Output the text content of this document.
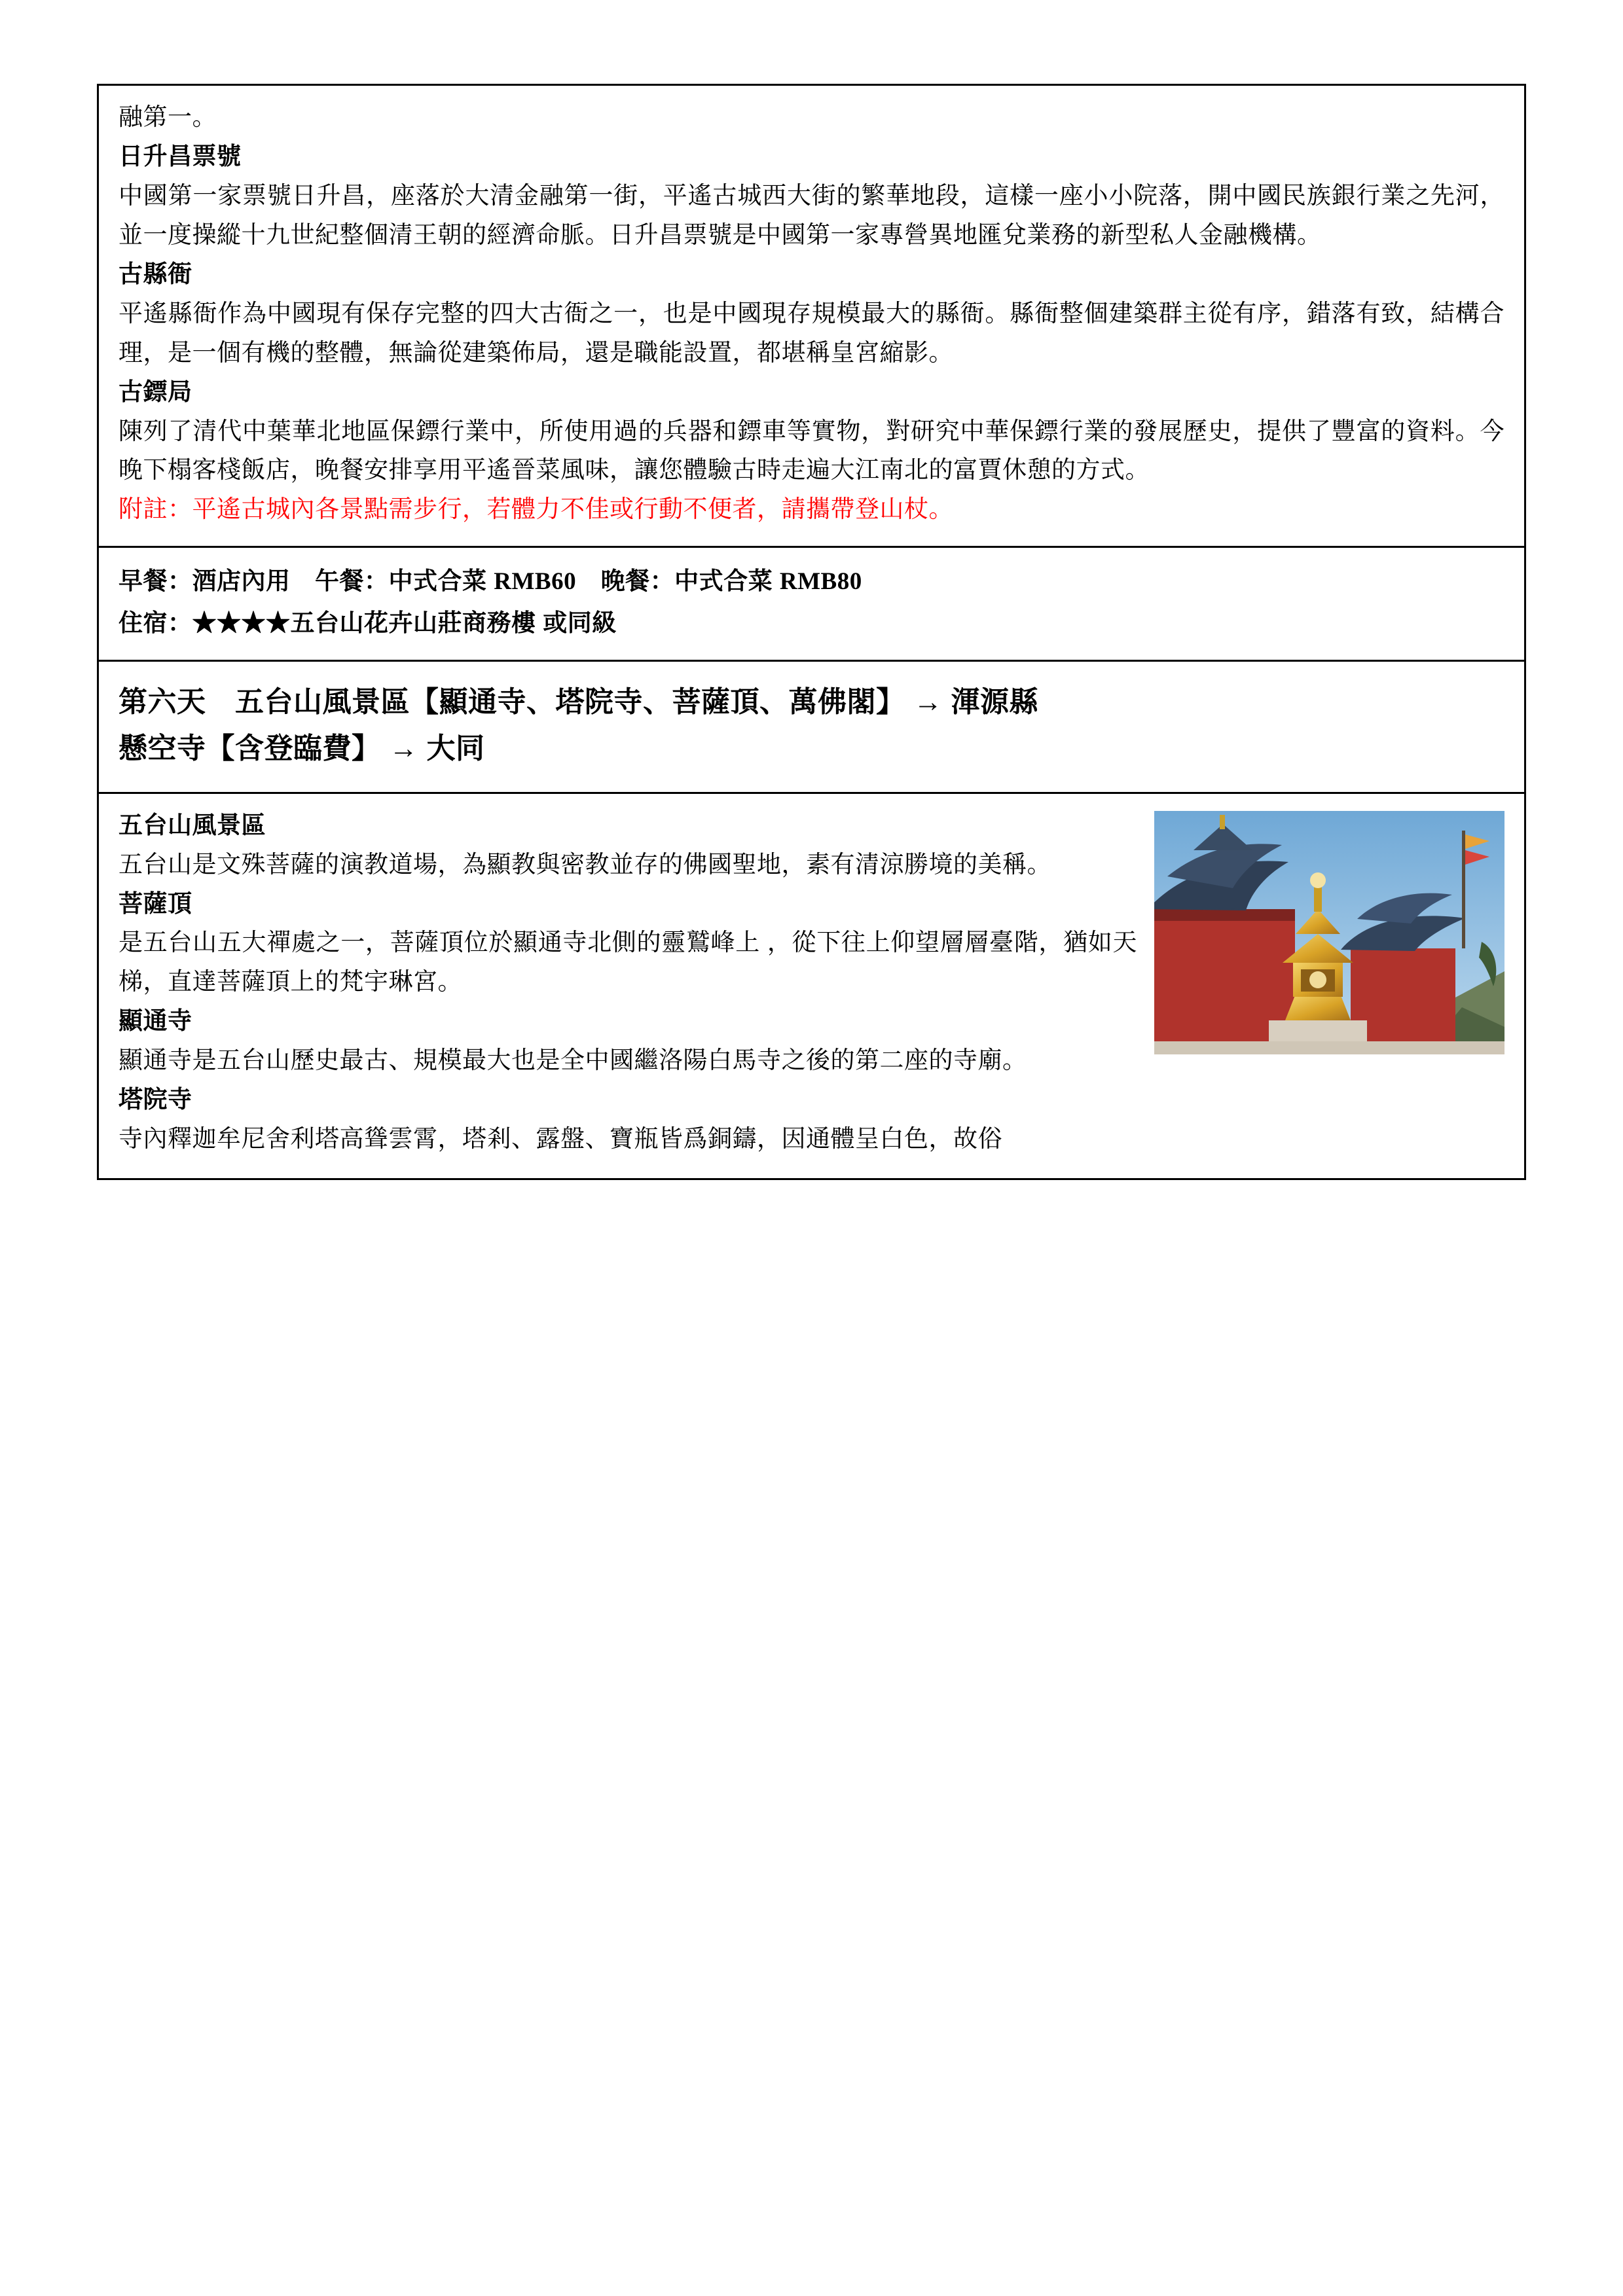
融第一。

日升昌票號

中國第一家票號日升昌，座落於大清金融第一街，平遙古城西大街的繁華地段，這樣一座小小院落，開中國民族銀行業之先河，並一度操縱十九世紀整個清王朝的經濟命脈。日升昌票號是中國第一家專營異地匯兌業務的新型私人金融機構。

古縣衙

平遙縣衙作為中國現有保存完整的四大古衙之一，也是中國現存規模最大的縣衙。縣衙整個建築群主從有序，錯落有致，結構合理，是一個有機的整體，無論從建築佈局，還是職能設置，都堪稱皇宮縮影。

古鏢局

陳列了清代中葉華北地區保鏢行業中，所使用過的兵器和鏢車等實物，對研究中華保鏢行業的發展歷史，提供了豐富的資料。今晚下榻客棧飯店，晚餐安排享用平遙晉菜風味，讓您體驗古時走遍大江南北的富賈休憩的方式。

附註：平遙古城內各景點需步行，若體力不佳或行動不便者，請攜帶登山杖。

早餐：酒店內用　午餐：中式合菜 RMB60　晚餐：中式合菜 RMB80

住宿：★★★★五台山花卉山莊商務樓 或同級

第六天　五台山風景區【顯通寺、塔院寺、菩薩頂、萬佛閣】 → 渾源縣

懸空寺【含登臨費】 → 大同

五台山風景區

五台山是文殊菩薩的演教道場，為顯教與密教並存的佛國聖地，素有清涼勝境的美稱。

菩薩頂

是五台山五大禪處之一，菩薩頂位於顯通寺北側的靈鷲峰上 ，從下往上仰望層層臺階，猶如天梯，直達菩薩頂上的梵宇琳宮。

顯通寺

顯通寺是五台山歷史最古、規模最大也是全中國繼洛陽白馬寺之後的第二座的寺廟。

塔院寺

寺內釋迦牟尼舍利塔高聳雲霄，塔剎、露盤、寶瓶皆爲銅鑄，因通體呈白色，故俗
